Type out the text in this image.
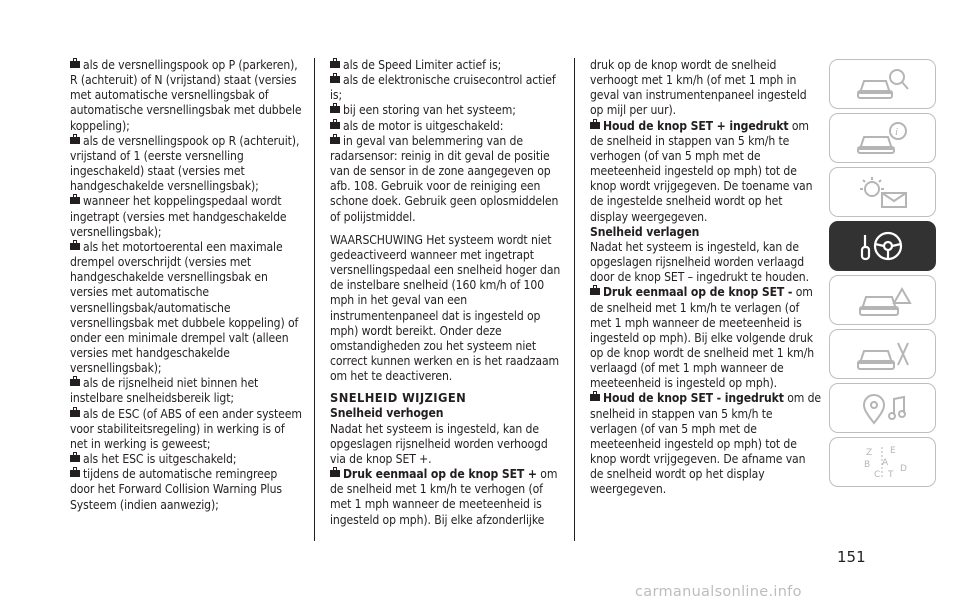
als de versnellingspook op P (parkeren), R (achteruit) of N (vrijstand) staat (versies met automatische versnellingsbak of automatische versnellingsbak met dubbele koppeling);

als de versnellingspook op R (achteruit), vrijstand of 1 (eerste versnelling ingeschakeld) staat (versies met handgeschakelde versnellingsbak);

wanneer het koppelingspedaal wordt ingetrapt (versies met handgeschakelde versnellingsbak);

als het motortoerental een maximale drempel overschrijdt (versies met handgeschakelde versnellingsbak en versies met automatische versnellingsbak/automatische versnellingsbak met dubbele koppeling) of onder een minimale drempel valt (alleen versies met handgeschakelde versnellingsbak);

als de rijsnelheid niet binnen het instelbare snelheidsbereik ligt;

als de ESC (of ABS of een ander systeem voor stabiliteitsregeling) in werking is of net in werking is geweest;

als het ESC is uitgeschakeld;

tijdens de automatische remingreep door het Forward Collision Warning Plus Systeem (indien aanwezig);

als de Speed Limiter actief is;

als de elektronische cruisecontrol actief is;

bij een storing van het systeem;

als de motor is uitgeschakeld:

in geval van belemmering van de radarsensor: reinig in dit geval de positie van de sensor in de zone aangegeven op afb. 108. Gebruik voor de reiniging een schone doek. Gebruik geen oplosmiddelen of polijstmiddel.

WAARSCHUWING Het systeem wordt niet gedeactiveerd wanneer met ingetrapt versnellingspedaal een snelheid hoger dan de instelbare snelheid (160 km/h of 100 mph in het geval van een instrumentenpaneel dat is ingesteld op mph) wordt bereikt. Onder deze omstandigheden zou het systeem niet correct kunnen werken en is het raadzaam om het te deactiveren.

SNELHEID WIJZIGEN
Snelheid verhogen

Nadat het systeem is ingesteld, kan de opgeslagen rijsnelheid worden verhoogd via de knop SET +.

Druk eenmaal op de knop SET + om de snelheid met 1 km/h te verhogen (of met 1 mph wanneer de meeteenheid is ingesteld op mph). Bij elke afzonderlijke

druk op de knop wordt de snelheid verhoogt met 1 km/h (of met 1 mph in geval van instrumentenpaneel ingesteld op mijl per uur).

Houd de knop SET + ingedrukt om de snelheid in stappen van 5 km/h te verhogen (of van 5 mph met de meeteenheid ingesteld op mph) tot de knop wordt vrijgegeven. De toename van de ingestelde snelheid wordt op het display weergegeven.

Snelheid verlagen

Nadat het systeem is ingesteld, kan de opgeslagen rijsnelheid worden verlaagd door de knop SET – ingedrukt te houden.

Druk eenmaal op de knop SET - om de snelheid met 1 km/h te verlagen (of met 1 mph wanneer de meeteenheid is ingesteld op mph). Bij elke volgende druk op de knop wordt de snelheid met 1 km/h verlaagd (of met 1 mph wanneer de meeteenheid is ingesteld op mph).

Houd de knop SET - ingedrukt om de snelheid in stappen van 5 km/h te verlagen (of van 5 mph met de meeteenheid ingesteld op mph) tot de knop wordt vrijgegeven. De afname van de snelheid wordt op het display weergegeven.

i
Z E
B A
C T
D
151
carmanualsonline.info
